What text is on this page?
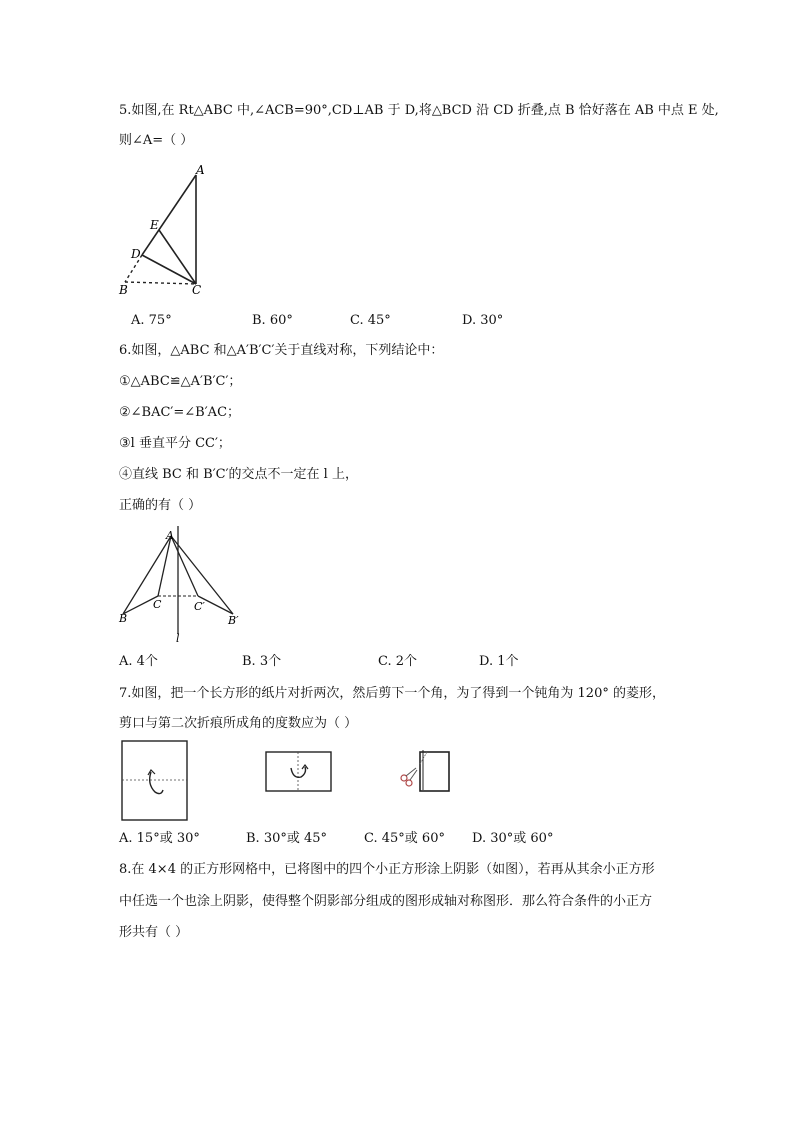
5.如图,在 Rt△ABC 中,∠ACB=90°,CD⊥AB 于 D,将△BCD 沿 CD 折叠,点 B 恰好落在 AB 中点 E 处,
则∠A=（ ）
A
E
D
B	C
A. 75°	B. 60°	C. 45°	D. 30°
6.如图，△ABC 和△A′B′C′关于直线对称，下列结论中：
①△ABC≌△A′B′C′；
②∠BAC′=∠B′AC；
③l 垂直平分 CC′；
④直线 BC 和 B′C′的交点不一定在 l 上，
正确的有（ ）
A
B
C	C′
B′
l
A. 4个	B. 3个	C. 2个	D. 1个
7.如图，把一个长方形的纸片对折两次，然后剪下一个角，为了得到一个钝角为 120° 的菱形，
剪口与第二次折痕所成角的度数应为（ ）
A. 15°或 30°	B. 30°或 45°	C. 45°或 60° D. 30°或 60°
8.在 4×4 的正方形网格中，已将图中的四个小正方形涂上阴影（如图），若再从其余小正方形
中任选一个也涂上阴影，使得整个阴影部分组成的图形成轴对称图形．那么符合条件的小正方
形共有（ ）
